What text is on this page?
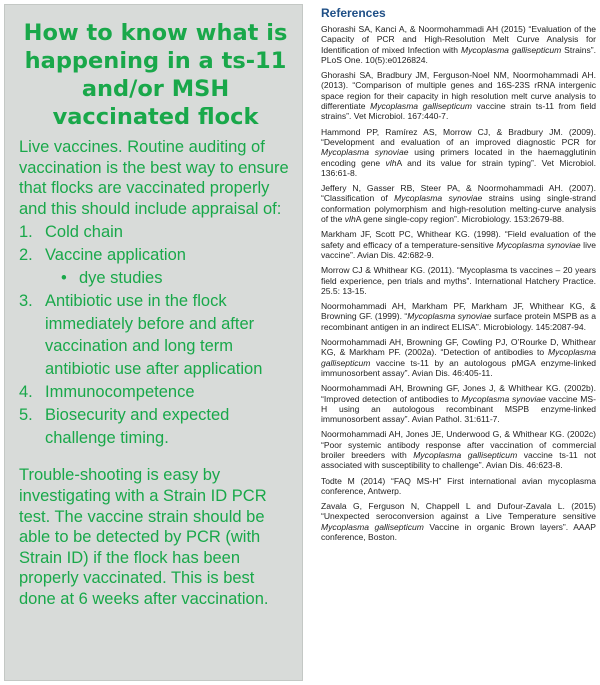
How to know what is happening in a ts-11 and/or MSH vaccinated flock

Live vaccines. Routine auditing of vaccination is the best way to ensure that flocks are vaccinated properly and this should include appraisal of:

1. Cold chain
2. Vaccine application
• dye studies
3. Antibiotic use in the flock immediately before and after vaccination and long term antibiotic use after application
4. Immunocompetence
5. Biosecurity and expected challenge timing.

Trouble-shooting is easy by investigating with a Strain ID PCR test. The vaccine strain should be able to be detected by PCR (with Strain ID) if the flock has been properly vaccinated. This is best done at 6 weeks after vaccination.

References
Ghorashi SA, Kanci A, & Noormohammadi AH (2015) “Evaluation of the Capacity of PCR and High-Resolution Melt Curve Analysis for Identification of mixed Infection with Mycoplasma gallisepticum Strains”. PLoS One. 10(5):e0126824.
Ghorashi SA, Bradbury JM, Ferguson-Noel NM, Noormohammadi AH. (2013). “Comparison of multiple genes and 16S-23S rRNA intergenic space region for their capacity in high resolution melt curve analysis to differentiate Mycoplasma gallisepticum vaccine strain ts-11 from field strains”. Vet Microbiol. 167:440-7.
Hammond PP, Ramírez AS, Morrow CJ, & Bradbury JM. (2009). “Development and evaluation of an improved diagnostic PCR for Mycoplasma synoviae using primers located in the haemagglutinin encoding gene vlhA and its value for strain typing”. Vet Microbiol. 136:61-8.
Jeffery N, Gasser RB, Steer PA, & Noormohammadi AH. (2007). “Classification of Mycoplasma synoviae strains using single-strand conformation polymorphism and high-resolution melting-curve analysis of the vlhA gene single-copy region”. Microbiology. 153:2679-88.
Markham JF, Scott PC, Whithear KG. (1998). “Field evaluation of the safety and efficacy of a temperature-sensitive Mycoplasma synoviae live vaccine”. Avian Dis. 42:682-9.
Morrow CJ & Whithear KG. (2011). “Mycoplasma ts vaccines – 20 years field experience, pen trials and myths”. International Hatchery Practice. 25.5: 13-15.
Noormohammadi AH, Markham PF, Markham JF, Whithear KG, & Browning GF. (1999). “Mycoplasma synoviae surface protein MSPB as a recombinant antigen in an indirect ELISA”. Microbiology. 145:2087-94.
Noormohammadi AH, Browning GF, Cowling PJ, O’Rourke D, Whithear KG, & Markham PF. (2002a). “Detection of antibodies to Mycoplasma gallisepticum vaccine ts-11 by an autologous pMGA enzyme-linked immunosorbent assay”. Avian Dis. 46:405-11.
Noormohammadi AH, Browning GF, Jones J, & Whithear KG. (2002b). “Improved detection of antibodies to Mycoplasma synoviae vaccine MS-H using an autologous recombinant MSPB enzyme-linked immunosorbent assay”. Avian Pathol. 31:611-7.
Noormohammadi AH, Jones JE, Underwood G, & Whithear KG. (2002c) “Poor systemic antibody response after vaccination of commercial broiler breeders with Mycoplasma gallisepticum vaccine ts-11 not associated with susceptibility to challenge”. Avian Dis. 46:623-8.
Todte M (2014) “FAQ MS-H” First international avian mycoplasma conference, Antwerp.
Zavala G, Ferguson N, Chappell L and Dufour-Zavala L. (2015) “Unexpected seroconversion against a Live Temperature sensitive Mycoplasma gallisepticum Vaccine in organic Brown layers”. AAAP conference, Boston.
